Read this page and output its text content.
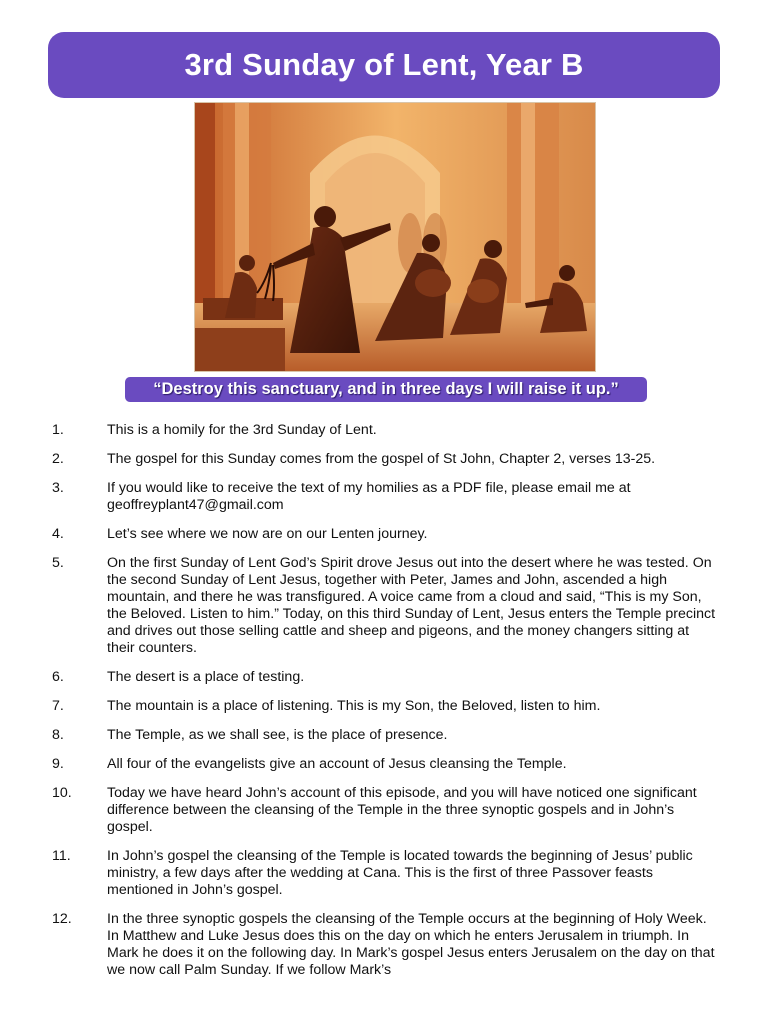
3rd Sunday of Lent, Year B
“Destroy this sanctuary, and in three days I will raise it up.”
1.	This is a homily for the 3rd Sunday of Lent.
2.	The gospel for this Sunday comes from the gospel of St John, Chapter 2, verses 13-25.
3.	If you would like to receive the text of my homilies as a PDF file, please email me at geoffreyplant47@gmail.com
4.	Let’s see where we now are on our Lenten journey.
5.	On the first Sunday of Lent God’s Spirit drove Jesus out into the desert where he was tested. On the second Sunday of Lent Jesus, together with Peter, James and John, ascended a high mountain, and there he was transfigured. A voice came from a cloud and said, “This is my Son, the Beloved. Listen to him.” Today, on this third Sunday of Lent, Jesus enters the Temple precinct and drives out those selling cattle and sheep and pigeons, and the money changers sitting at their counters.
6.	The desert is a place of testing.
7.	The mountain is a place of listening. This is my Son, the Beloved, listen to him.
8.	The Temple, as we shall see, is the place of presence.
9.	All four of the evangelists give an account of Jesus cleansing the Temple.
10. Today we have heard John’s account of this episode, and you will have noticed one significant difference between the cleansing of the Temple in the three synoptic gospels and in John’s gospel.
11.	In John’s gospel the cleansing of the Temple is located towards the beginning of Jesus’ public ministry, a few days after the wedding at Cana. This is the first of three Passover feasts mentioned in John’s gospel.
12. In the three synoptic gospels the cleansing of the Temple occurs at the beginning of Holy Week. In Matthew and Luke Jesus does this on the day on which he enters Jerusalem in triumph. In Mark he does it on the following day. In Mark’s gospel Jesus enters Jerusalem on the day on that we now call Palm Sunday. If we follow Mark’s
